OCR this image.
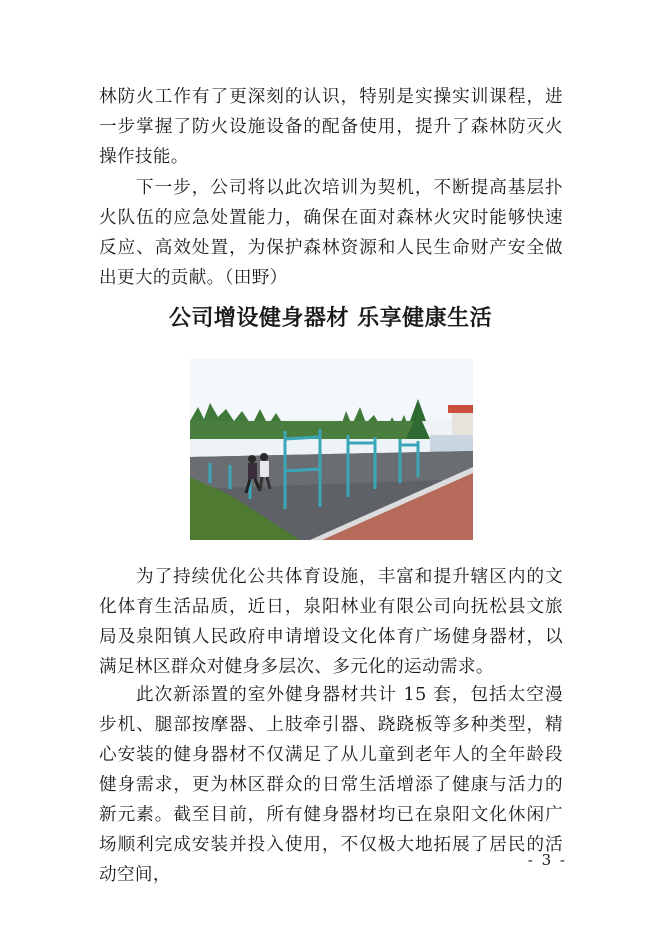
林防火工作有了更深刻的认识，特别是实操实训课程，进一步掌握了防火设施设备的配备使用，提升了森林防灭火操作技能。

下一步，公司将以此次培训为契机，不断提高基层扑火队伍的应急处置能力，确保在面对森林火灾时能够快速反应、高效处置，为保护森林资源和人民生命财产安全做出更大的贡献。（田野）

公司增设健身器材 乐享健康生活

为了持续优化公共体育设施，丰富和提升辖区内的文化体育生活品质，近日，泉阳林业有限公司向抚松县文旅局及泉阳镇人民政府申请增设文化体育广场健身器材，以满足林区群众对健身多层次、多元化的运动需求。

此次新添置的室外健身器材共计 15 套，包括太空漫步机、腿部按摩器、上肢牵引器、跷跷板等多种类型，精心安装的健身器材不仅满足了从儿童到老年人的全年龄段健身需求，更为林区群众的日常生活增添了健康与活力的新元素。截至目前，所有健身器材均已在泉阳文化休闲广场顺利完成安装并投入使用，不仅极大地拓展了居民的活动空间，

- 3 -
